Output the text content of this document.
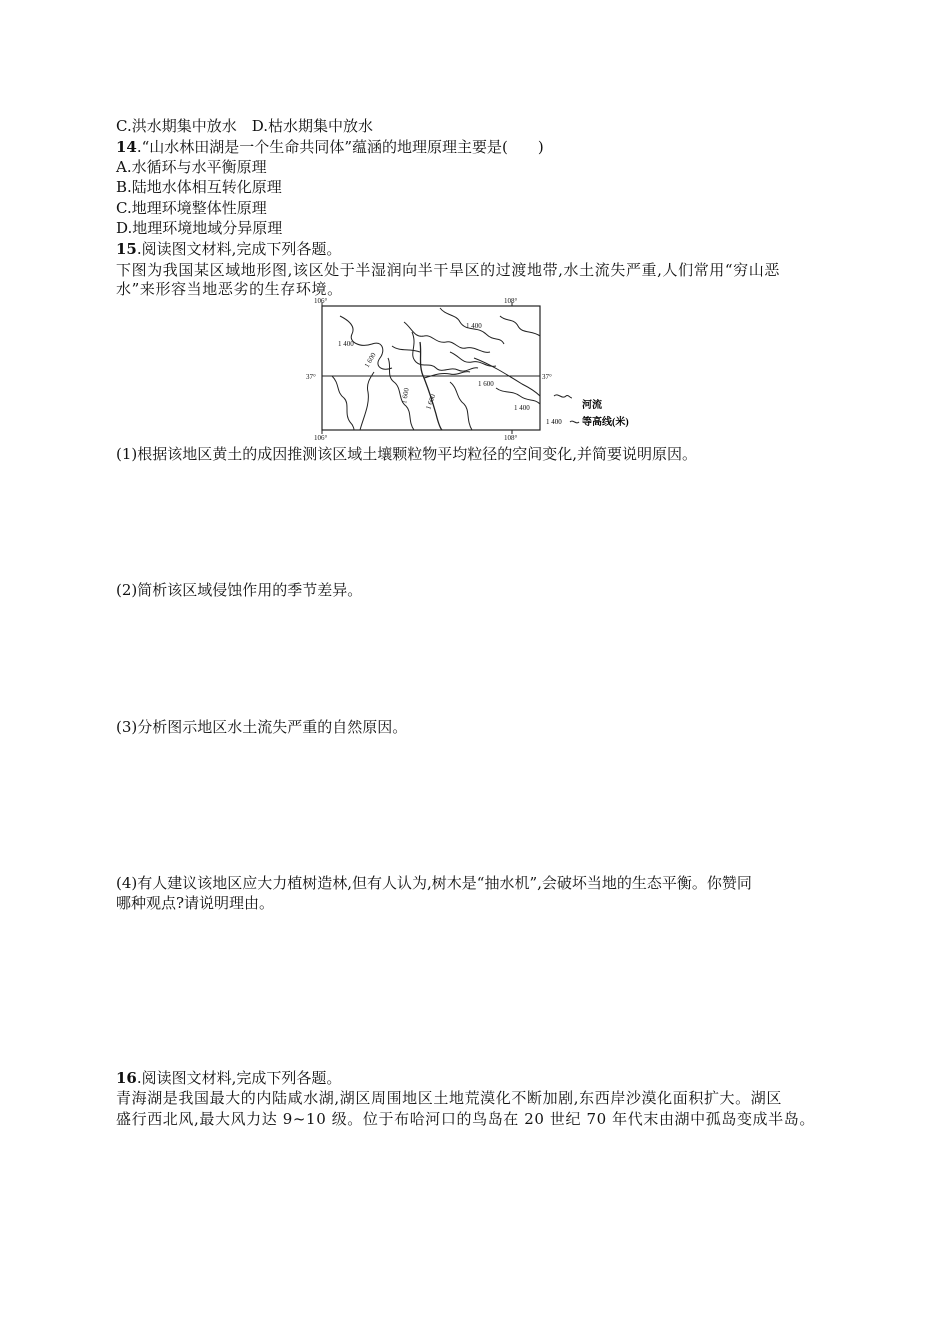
C.洪水期集中放水　D.枯水期集中放水
14.“山水林田湖是一个生命共同体”蕴涵的地理原理主要是(　　)
A.水循环与水平衡原理
B.陆地水体相互转化原理
C.地理环境整体性原理
D.地理环境地域分异原理
15.阅读图文材料,完成下列各题。
下图为我国某区域地形图,该区处于半湿润向半干旱区的过渡地带,水土流失严重,人们常用“穷山恶
水”来形容当地恶劣的生存环境。
106°	108°
106°	108°
37°	37°
1 400
1 400
1 600
1 600 1 600
1 600
1 400	河流
1 400 等高线(米)
(1)根据该地区黄土的成因推测该区域土壤颗粒物平均粒径的空间变化,并简要说明原因。
(2)简析该区域侵蚀作用的季节差异。
(3)分析图示地区水土流失严重的自然原因。
(4)有人建议该地区应大力植树造林,但有人认为,树木是“抽水机”,会破坏当地的生态平衡。你赞同
哪种观点?请说明理由。
16.阅读图文材料,完成下列各题。
青海湖是我国最大的内陆咸水湖,湖区周围地区土地荒漠化不断加剧,东西岸沙漠化面积扩大。湖区
盛行西北风,最大风力达 9~10 级。位于布哈河口的鸟岛在 20 世纪 70 年代末由湖中孤岛变成半岛。
